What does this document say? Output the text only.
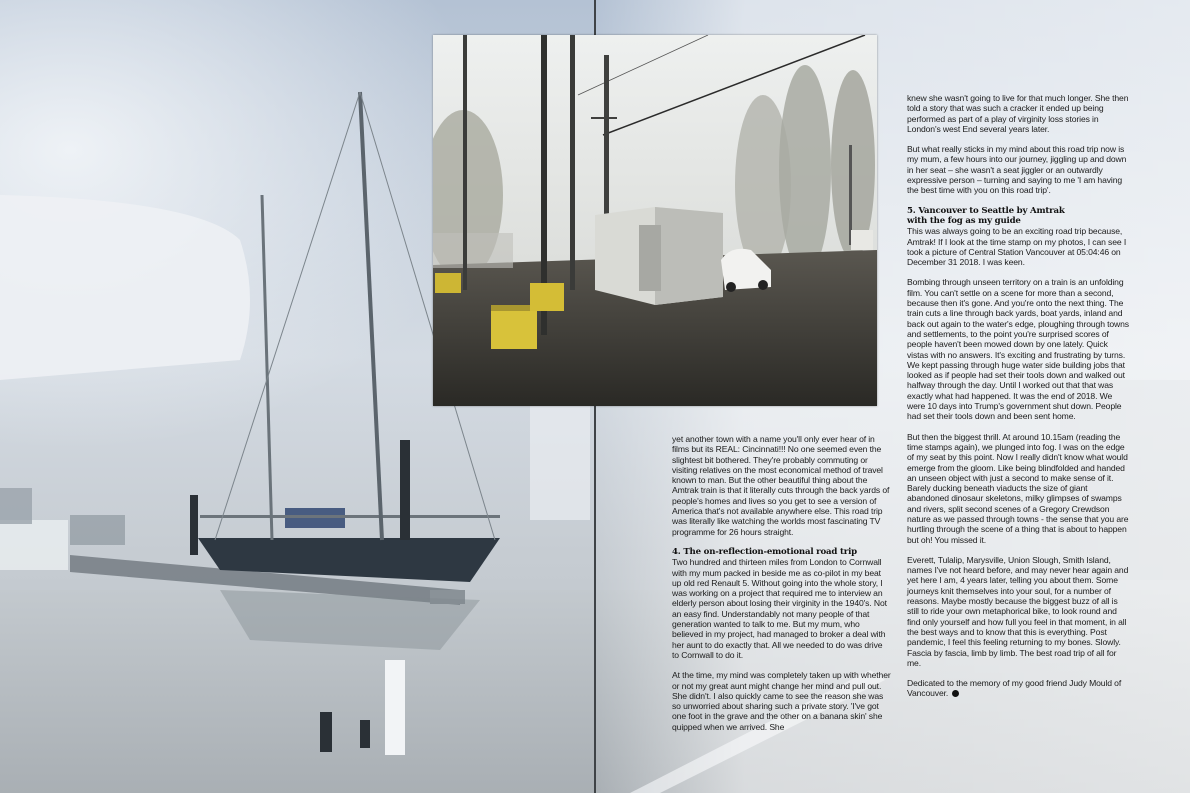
yet another town with a name you'll only ever hear of in films but its REAL: Cincinnati!!! No one seemed even the slightest bit bothered. They're probably commuting or visiting relatives on the most economical method of travel known to man. But the other beautiful thing about the Amtrak train is that it literally cuts through the back yards of people's homes and lives so you get to see a version of America that's not available anywhere else. This road trip was literally like watching the worlds most fascinating TV programme for 26 hours straight.

4. The on-reflection-emotional road trip

Two hundred and thirteen miles from London to Cornwall with my mum packed in beside me as co-pilot in my beat up old red Renault 5. Without going into the whole story, I was working on a project that required me to interview an elderly person about losing their virginity in the 1940's. Not an easy find. Understandably not many people of that generation wanted to talk to me. But my mum, who believed in my project, had managed to broker a deal with her aunt to do exactly that. All we needed to do was drive to Cornwall to do it.

At the time, my mind was completely taken up with whether or not my great aunt might change her mind and pull out. She didn't. I also quickly came to see the reason she was so unworried about sharing such a private story. 'I've got one foot in the grave and the other on a banana skin' she quipped when we arrived. She

knew she wasn't going to live for that much longer. She then told a story that was such a cracker it ended up being performed as part of a play of virginity loss stories in London's west End several years later.

But what really sticks in my mind about this road trip now is my mum, a few hours into our journey, jiggling up and down in her seat – she wasn't a seat jiggler or an outwardly expressive person – turning and saying to me 'I am having the best time with you on this road trip'.

5. Vancouver to Seattle by Amtrak
with the fog as my guide

This was always going to be an exciting road trip because, Amtrak! If I look at the time stamp on my photos, I can see I took a picture of Central Station Vancouver at 05:04:46 on December 31 2018. I was keen.

Bombing through unseen territory on a train is an unfolding film. You can't settle on a scene for more than a second, because then it's gone. And you're onto the next thing. The train cuts a line through back yards, boat yards, inland and back out again to the water's edge, ploughing through towns and settlements, to the point you're surprised scores of people haven't been mowed down by one lately. Quick vistas with no answers. It's exciting and frustrating by turns. We kept passing through huge water side building jobs that looked as if people had set their tools down and walked out halfway through the day. Until I worked out that that was exactly what had happened. It was the end of 2018. We were 10 days into Trump's government shut down. People had set their tools down and been sent home.

But then the biggest thrill. At around 10.15am (reading the time stamps again), we plunged into fog. I was on the edge of my seat by this point. Now I really didn't know what would emerge from the gloom. Like being blindfolded and handed an unseen object with just a second to make sense of it. Barely ducking beneath viaducts the size of giant abandoned dinosaur skeletons, milky glimpses of swamps and rivers, split second scenes of a Gregory Crewdson nature as we passed through towns - the sense that you are hurtling through the scene of a thing that is about to happen but oh! You missed it.

Everett, Tulalip, Marysville, Union Slough, Smith Island, names I've not heard before, and may never hear again and yet here I am, 4 years later, telling you about them. Some journeys knit themselves into your soul, for a number of reasons. Maybe mostly because the biggest buzz of all is still to ride your own metaphorical bike, to look round and find only yourself and how full you feel in that moment, in all the best ways and to know that this is everything. Post pandemic, I feel this feeling returning to my bones. Slowly. Fascia by fascia, limb by limb. The best road trip of all for me.

Dedicated to the memory of my good friend Judy Mould of Vancouver.
